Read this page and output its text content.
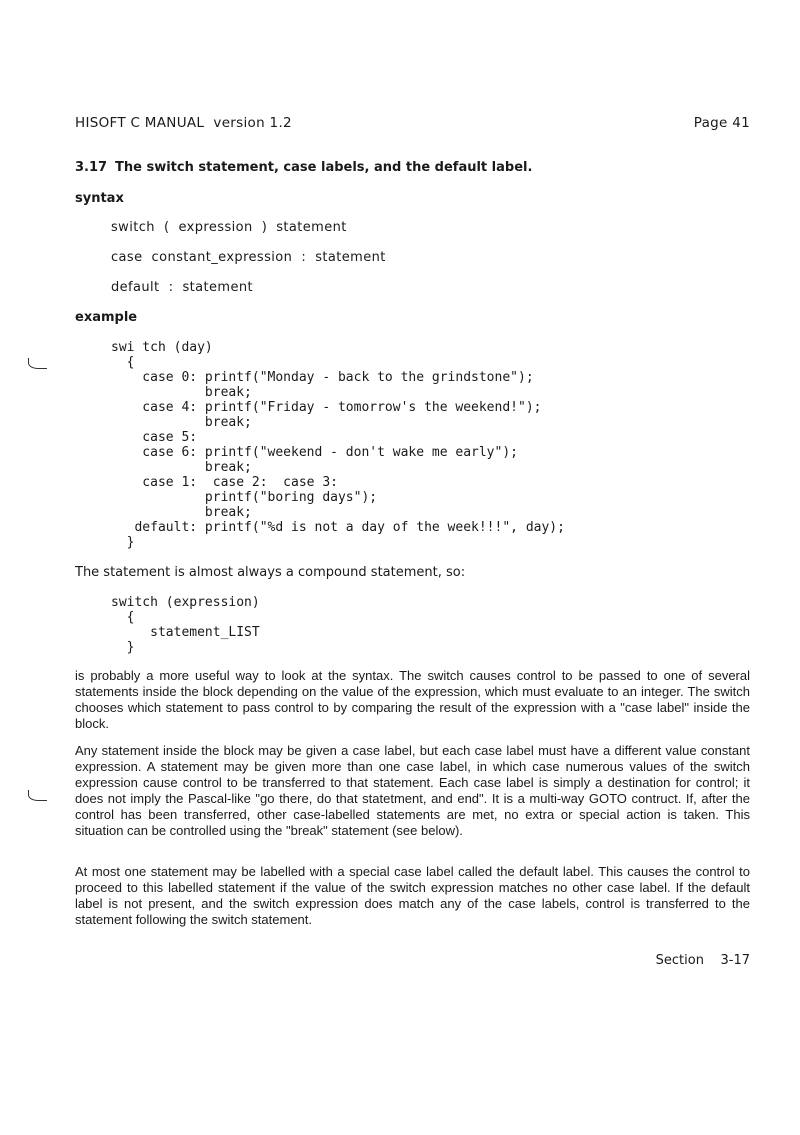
HISOFT C MANUAL  version 1.2	Page 41
3.17 The switch statement, case labels, and the default label.
syntax
switch  (  expression  )  statement
case  constant_expression  :  statement
default  :  statement
example
swi tch (day)
{
case 0: printf("Monday - back to the grindstone");
break;
case 4: printf("Friday - tomorrow's the weekend!");
break;
case 5:
case 6: printf("weekend - don't wake me early");
break;
case 1:  case 2:  case 3:
printf("boring days");
break;
default: printf("%d is not a day of the week!!!", day);
}
The statement is almost always a compound statement, so:
switch (expression)
{
statement_LIST
}

is probably a more useful way to look at the syntax. The switch causes control to be passed to one of several statements inside the block depending on the value of the expression, which must evaluate to an integer. The switch chooses which statement to pass control to by comparing the result of the expression with a "case label" inside the block.

Any statement inside the block may be given a case label, but each case label must have a different value constant expression. A statement may be given more than one case label, in which case numerous values of the switch expression cause control to be transferred to that statement. Each case label is simply a destination for control; it does not imply the Pascal-like "go there, do that statetment, and end". It is a multi-way GOTO contruct. If, after the control has been transferred, other case-labelled statements are met, no extra or special action is taken. This situation can be controlled using the "break" statement (see below).

At most one statement may be labelled with a special case label called the default label. This causes the control to proceed to this labelled statement if the value of the switch expression matches no other case label. If the default label is not present, and the switch expression does match any of the case labels, control is transferred to the statement following the switch statement.

Section    3-17
